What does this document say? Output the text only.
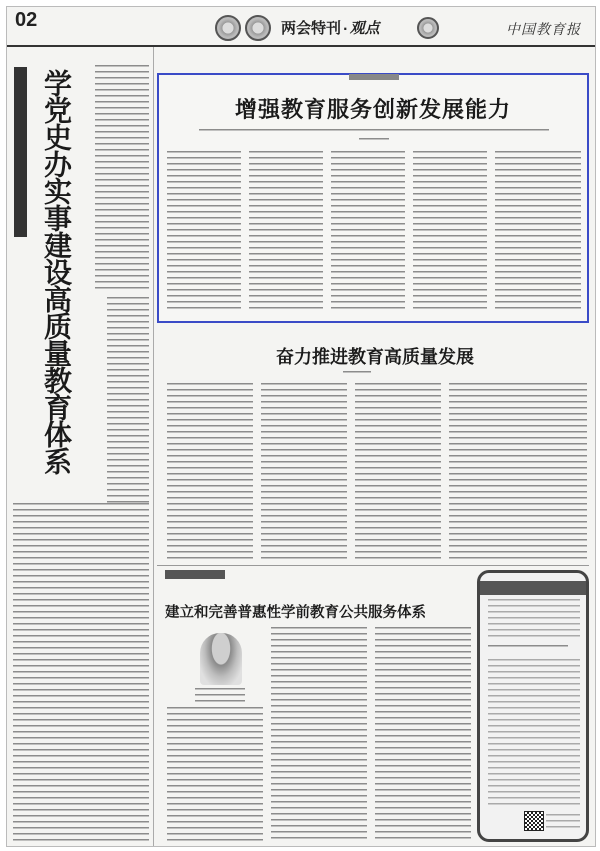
02	两会特刊 · 观点	中国教育报
学党史办实事建设高质量教育体系	增强教育服务创新发展能力
奋力推进教育高质量发展
建立和完善普惠性学前教育公共服务体系
